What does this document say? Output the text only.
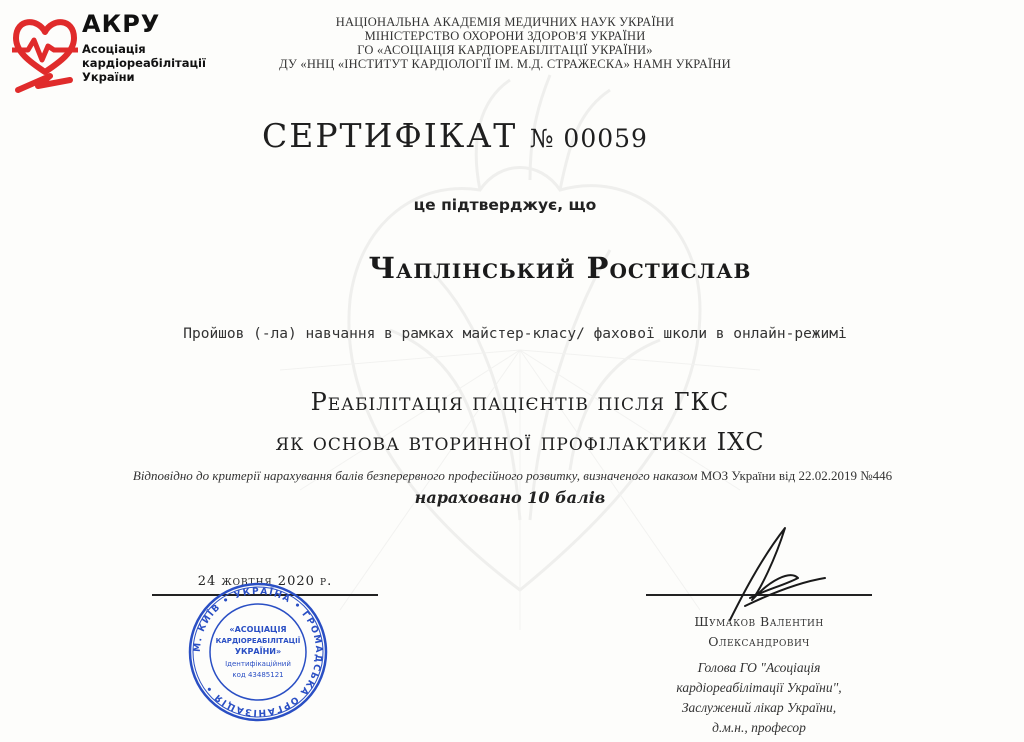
АКРУ
Асоціація кардіореабілітації України
НАЦІОНАЛЬНА АКАДЕМІЯ МЕДИЧНИХ НАУК УКРАЇНИ
МІНІСТЕРСТВО ОХОРОНИ ЗДОРОВ'Я УКРАЇНИ
ГО «АСОЦІАЦІЯ КАРДІОРЕАБІЛІТАЦІЇ УКРАЇНИ»
ДУ «ННЦ «ІНСТИТУТ КАРДІОЛОГІЇ ІМ. М.Д. СТРАЖЕСКА» НАМН УКРАЇНИ
СЕРТИФІКАТ № 00059
це підтверджує, що
Чаплінський Ростислав
Пройшов (-ла) навчання в рамках майстер-класу/ фахової школи в онлайн-режимі
Реабілітація пацієнтів після ГКС
як основа вторинної профілактики ІХС
Відповідно до критерії нарахування балів безперервного професійного розвитку, визначеного наказом МОЗ України від 22.02.2019 №446
нараховано 10 балів
24 жовтня 2020 р.
М. КИЇВ • УКРАЇНА • ГРОМАДСЬКА ОРГАНІЗАЦІЯ •
«АСОЦІАЦІЯ
КАРДІОРЕАБІЛІТАЦІЇ
УКРАЇНИ»
Ідентифікаційний
код 43485121
Шумаков Валентин
Олександрович
Голова ГО "Асоціація
кардіореабілітації України",
Заслужений лікар України,
д.м.н., професор
